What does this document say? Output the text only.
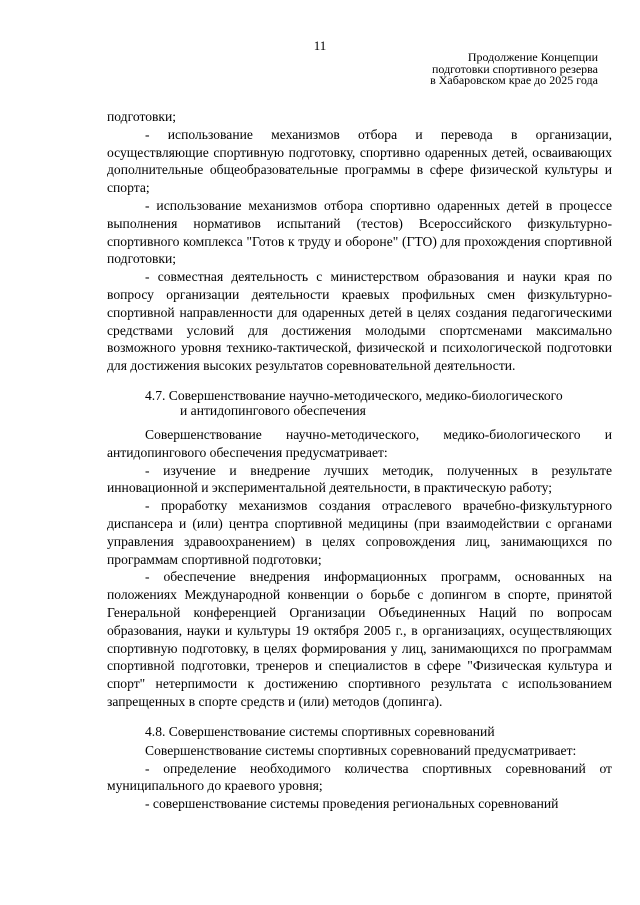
11
Продолжение Концепции
подготовки спортивного резерва
в Хабаровском крае до 2025 года

подготовки;

- использование механизмов отбора и перевода в организации, осуществляющие спортивную подготовку, спортивно одаренных детей, осваивающих дополнительные общеобразовательные программы в сфере физической культуры и спорта;

- использование механизмов отбора спортивно одаренных детей в процессе выполнения нормативов испытаний (тестов) Всероссийского физкультурно-спортивного комплекса "Готов к труду и обороне" (ГТО) для прохождения спортивной подготовки;

- совместная деятельность с министерством образования и науки края по вопросу организации деятельности краевых профильных смен физкультурно-спортивной направленности для одаренных детей в целях создания педагогическими средствами условий для достижения молодыми спортсменами максимально возможного уровня технико-тактической, физической и психологической подготовки для достижения высоких результатов соревновательной деятельности.

4.7. Совершенствование научно-методического, медико-биологического
и антидопингового обеспечения

Совершенствование научно-методического, медико-биологического и антидопингового обеспечения предусматривает:

- изучение и внедрение лучших методик, полученных в результате инновационной и экспериментальной деятельности, в практическую работу;

- проработку механизмов создания отраслевого врачебно-физкультурного диспансера и (или) центра спортивной медицины (при взаимодействии с органами управления здравоохранением) в целях сопровождения лиц, занимающихся по программам спортивной подготовки;

- обеспечение внедрения информационных программ, основанных на положениях Международной конвенции о борьбе с допингом в спорте, принятой Генеральной конференцией Организации Объединенных Наций по вопросам образования, науки и культуры 19 октября 2005 г., в организациях, осуществляющих спортивную подготовку, в целях формирования у лиц, занимающихся по программам спортивной подготовки, тренеров и специалистов в сфере "Физическая культура и спорт" нетерпимости к достижению спортивного результата с использованием запрещенных в спорте средств и (или) методов (допинга).

4.8. Совершенствование системы спортивных соревнований

Совершенствование системы спортивных соревнований предусматривает:

- определение необходимого количества спортивных соревнований от муниципального до краевого уровня;

- совершенствование системы проведения региональных соревнований
